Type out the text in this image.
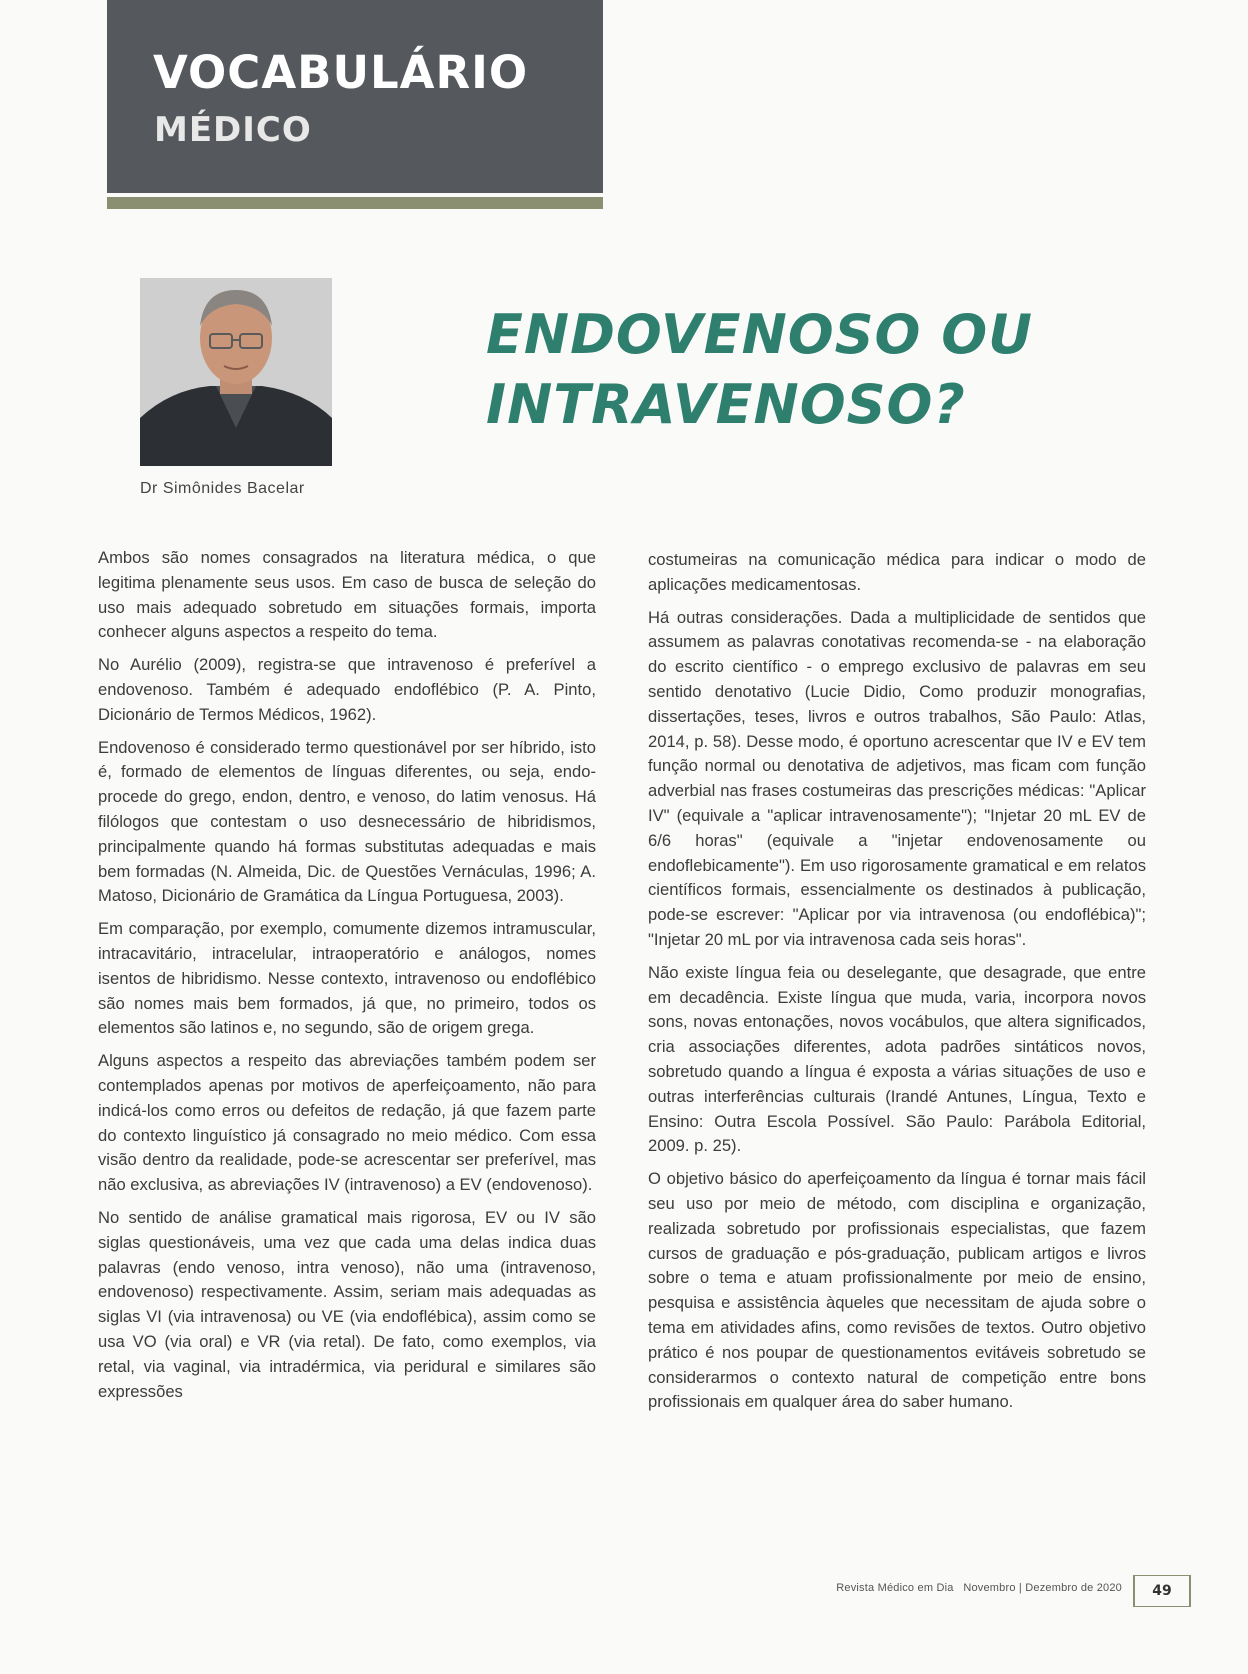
VOCABULÁRIO
MÉDICO

Dr Simônides Bacelar

ENDOVENOSO OU
INTRAVENOSO?

Ambos são nomes consagrados na literatura médica, o que legitima plenamente seus usos. Em caso de busca de seleção do uso mais adequado sobretudo em situações formais, importa conhecer alguns aspectos a respeito do tema.

No Aurélio (2009), registra-se que intravenoso é preferível a endovenoso. Também é adequado endoflébico (P. A. Pinto, Dicionário de Termos Médicos, 1962).

Endovenoso é considerado termo questionável por ser híbrido, isto é, formado de elementos de línguas diferentes, ou seja, endo- procede do grego, endon, dentro, e venoso, do latim venosus. Há filólogos que contestam o uso desnecessário de hibridismos, principalmente quando há formas substitutas adequadas e mais bem formadas (N. Almeida, Dic. de Questões Vernáculas, 1996; A. Matoso, Dicionário de Gramática da Língua Portuguesa, 2003).

Em comparação, por exemplo, comumente dizemos intramuscular, intracavitário, intracelular, intraoperatório e análogos, nomes isentos de hibridismo. Nesse contexto, intravenoso ou endoflébico são nomes mais bem formados, já que, no primeiro, todos os elementos são latinos e, no segundo, são de origem grega.

Alguns aspectos a respeito das abreviações também podem ser contemplados apenas por motivos de aperfeiçoamento, não para indicá-los como erros ou defeitos de redação, já que fazem parte do contexto linguístico já consagrado no meio médico. Com essa visão dentro da realidade, pode-se acrescentar ser preferível, mas não exclusiva, as abreviações IV (intravenoso) a EV (endovenoso).

No sentido de análise gramatical mais rigorosa, EV ou IV são siglas questionáveis, uma vez que cada uma delas indica duas palavras (endo venoso, intra venoso), não uma (intravenoso, endovenoso) respectivamente. Assim, seriam mais adequadas as siglas VI (via intravenosa) ou VE (via endoflébica), assim como se usa VO (via oral) e VR (via retal). De fato, como exemplos, via retal, via vaginal, via intradérmica, via peridural e similares são expressões

costumeiras na comunicação médica para indicar o modo de aplicações medicamentosas.

Há outras considerações. Dada a multiplicidade de sentidos que assumem as palavras conotativas recomenda-se - na elaboração do escrito científico - o emprego exclusivo de palavras em seu sentido denotativo (Lucie Didio, Como produzir monografias, dissertações, teses, livros e outros trabalhos, São Paulo: Atlas, 2014, p. 58). Desse modo, é oportuno acrescentar que IV e EV tem função normal ou denotativa de adjetivos, mas ficam com função adverbial nas frases costumeiras das prescrições médicas: "Aplicar IV" (equivale a "aplicar intravenosamente"); "Injetar 20 mL EV de 6/6 horas" (equivale a "injetar endovenosamente ou endoflebicamente"). Em uso rigorosamente gramatical e em relatos científicos formais, essencialmente os destinados à publicação, pode-se escrever: "Aplicar por via intravenosa (ou endoflébica)"; "Injetar 20 mL por via intravenosa cada seis horas".

Não existe língua feia ou deselegante, que desagrade, que entre em decadência. Existe língua que muda, varia, incorpora novos sons, novas entonações, novos vocábulos, que altera significados, cria associações diferentes, adota padrões sintáticos novos, sobretudo quando a língua é exposta a várias situações de uso e outras interferências culturais (Irandé Antunes, Língua, Texto e Ensino: Outra Escola Possível. São Paulo: Parábola Editorial, 2009. p. 25).

O objetivo básico do aperfeiçoamento da língua é tornar mais fácil seu uso por meio de método, com disciplina e organização, realizada sobretudo por profissionais especialistas, que fazem cursos de graduação e pós-graduação, publicam artigos e livros sobre o tema e atuam profissionalmente por meio de ensino, pesquisa e assistência àqueles que necessitam de ajuda sobre o tema em atividades afins, como revisões de textos. Outro objetivo prático é nos poupar de questionamentos evitáveis sobretudo se considerarmos o contexto natural de competição entre bons profissionais em qualquer área do saber humano.

Revista Médico em Dia Novembro | Dezembro de 2020	49
